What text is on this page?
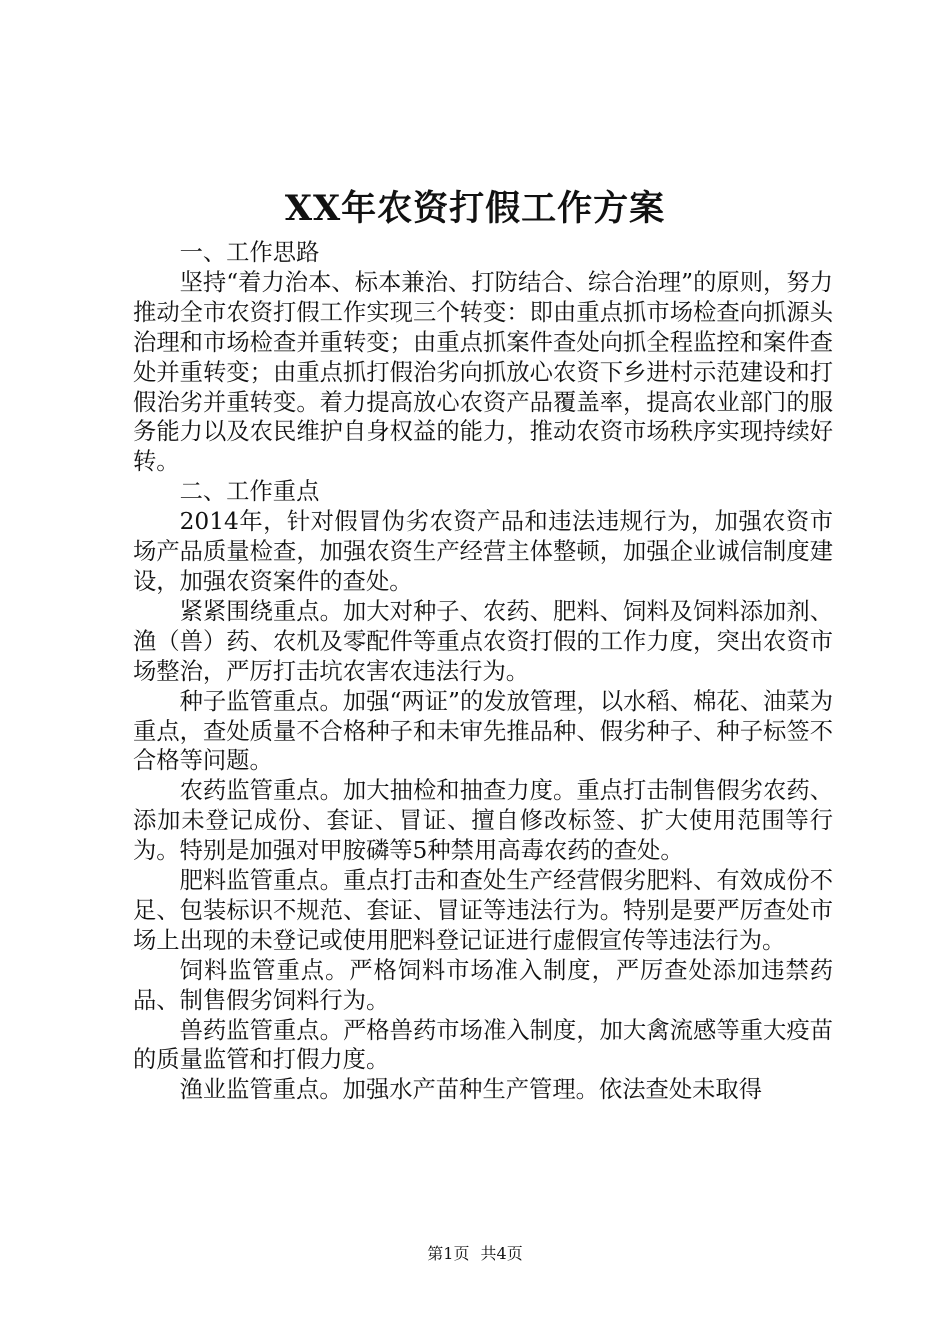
XX年农资打假工作方案

一、工作思路

坚持“着力治本、标本兼治、打防结合、综合治理”的原则，努力推动全市农资打假工作实现三个转变：即由重点抓市场检查向抓源头治理和市场检查并重转变；由重点抓案件查处向抓全程监控和案件查处并重转变；由重点抓打假治劣向抓放心农资下乡进村示范建设和打假治劣并重转变。着力提高放心农资产品覆盖率，提高农业部门的服务能力以及农民维护自身权益的能力，推动农资市场秩序实现持续好转。

二、工作重点

2014年，针对假冒伪劣农资产品和违法违规行为，加强农资市场产品质量检查，加强农资生产经营主体整顿，加强企业诚信制度建设，加强农资案件的查处。

紧紧围绕重点。加大对种子、农药、肥料、饲料及饲料添加剂、渔（兽）药、农机及零配件等重点农资打假的工作力度，突出农资市场整治，严厉打击坑农害农违法行为。

种子监管重点。加强“两证”的发放管理，以水稻、棉花、油菜为重点，查处质量不合格种子和未审先推品种、假劣种子、种子标签不合格等问题。

农药监管重点。加大抽检和抽查力度。重点打击制售假劣农药、添加未登记成份、套证、冒证、擅自修改标签、扩大使用范围等行为。特别是加强对甲胺磷等5种禁用高毒农药的查处。

肥料监管重点。重点打击和查处生产经营假劣肥料、有效成份不足、包装标识不规范、套证、冒证等违法行为。特别是要严厉查处市场上出现的未登记或使用肥料登记证进行虚假宣传等违法行为。

饲料监管重点。严格饲料市场准入制度，严厉查处添加违禁药品、制售假劣饲料行为。

兽药监管重点。严格兽药市场准入制度，加大禽流感等重大疫苗的质量监管和打假力度。

渔业监管重点。加强水产苗种生产管理。依法查处未取得

第1页 共4页
